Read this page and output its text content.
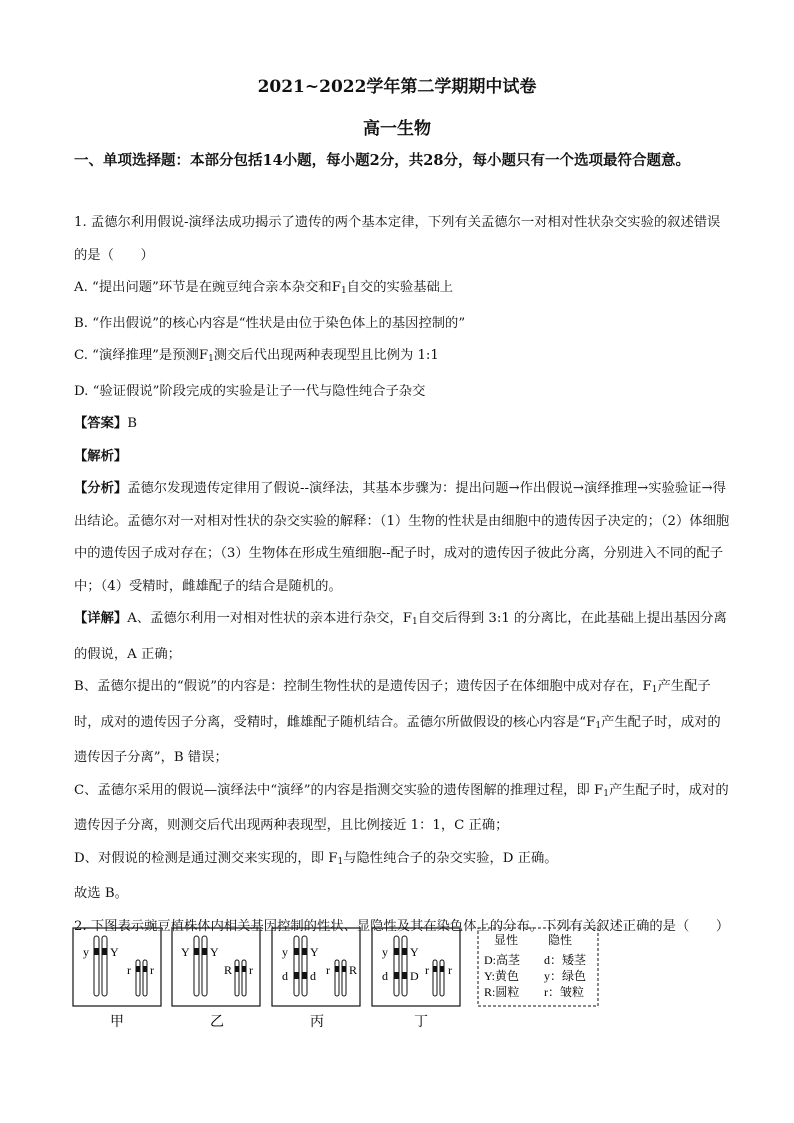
2021~2022学年第二学期期中试卷
高一生物
一、单项选择题：本部分包括14小题，每小题2分，共28分，每小题只有一个选项最符合题意。

1. 孟德尔利用假说-演绎法成功揭示了遗传的两个基本定律，下列有关孟德尔一对相对性状杂交实验的叙述错误的是（　　）

A. “提出问题”环节是在豌豆纯合亲本杂交和$F_1$自交的实验基础上

B. “作出假说”的核心内容是“性状是由位于染色体上的基因控制的”

C. “演绎推理”是预测$F_1$测交后代出现两种表现型且比例为 1:1

D. “验证假说”阶段完成的实验是让子一代与隐性纯合子杂交

【答案】B

【解析】

【分析】孟德尔发现遗传定律用了假说--演绎法，其基本步骤为：提出问题→作出假说→演绎推理→实验验证→得出结论。孟德尔对一对相对性状的杂交实验的解释：（1）生物的性状是由细胞中的遗传因子决定的；（2）体细胞中的遗传因子成对存在；（3）生物体在形成生殖细胞--配子时，成对的遗传因子彼此分离，分别进入不同的配子中；（4）受精时，雌雄配子的结合是随机的。

【详解】A、孟德尔利用一对相对性状的亲本进行杂交，$F_1$自交后得到 3:1 的分离比，在此基础上提出基因分离的假说，A 正确；

B、孟德尔提出的“假说”的内容是：控制生物性状的是遗传因子；遗传因子在体细胞中成对存在，$F_1$产生配子时，成对的遗传因子分离，受精时，雌雄配子随机结合。孟德尔所做假设的核心内容是“$F_1$产生配子时，成对的遗传因子分离”，B 错误；

C、孟德尔采用的假说—演绎法中“演绎”的内容是指测交实验的遗传图解的推理过程，即 $F_1$产生配子时，成对的遗传因子分离，则测交后代出现两种表现型，且比例接近 1：1，C 正确；

D、对假说的检测是通过测交来实现的，即 $F_1$与隐性纯合子的杂交实验，D 正确。

故选 B。

2. 下图表示豌豆植株体内相关基因控制的性状、显隐性及其在染色体上的分布。下列有关叙述正确的是（　　）

y Y
r r
甲
Y Y
R r
乙
y Y
d d r R
丙
y Y
d D r r
丁
显性 隐性
D:高茎 d：矮茎
Y:黄色 y：绿色
R:圆粒 r：皱粒
